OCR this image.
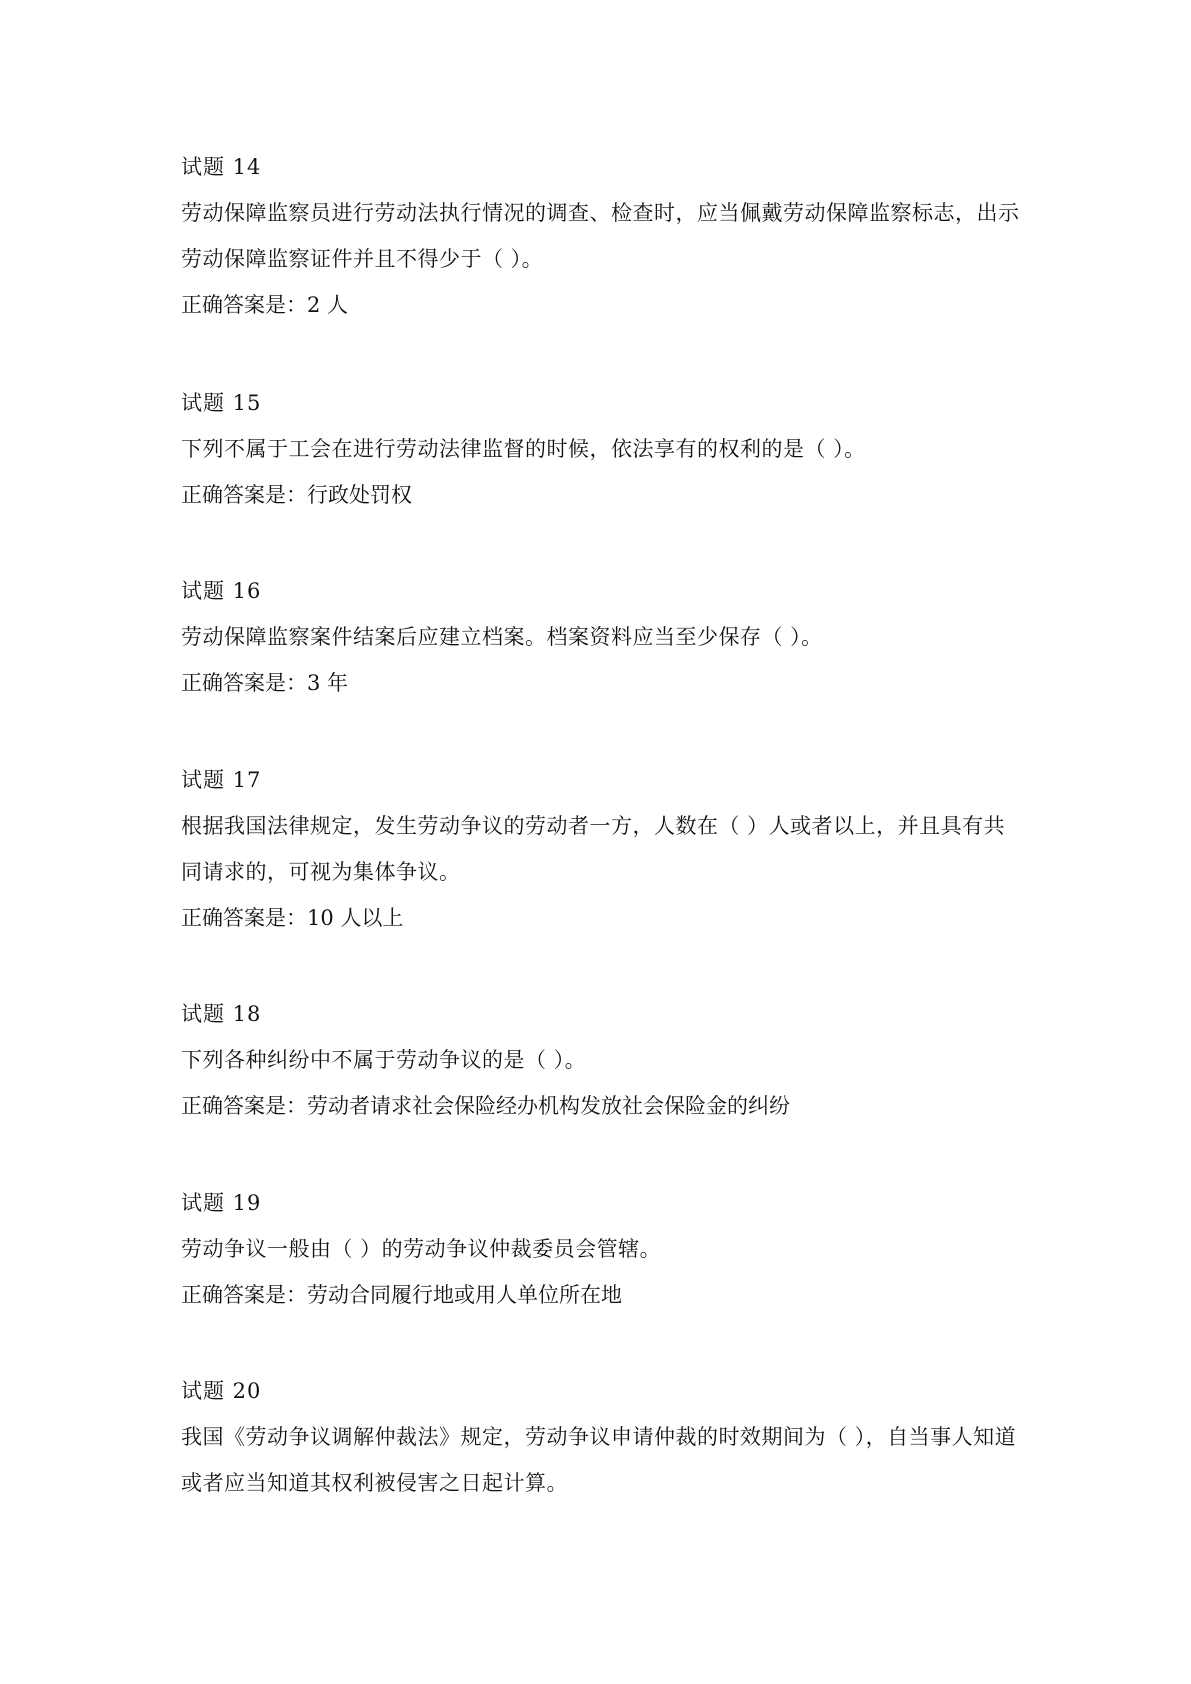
试题 14

劳动保障监察员进行劳动法执行情况的调查、检查时，应当佩戴劳动保障监察标志，出示劳动保障监察证件并且不得少于（ ）。

正确答案是：2 人

试题 15

下列不属于工会在进行劳动法律监督的时候，依法享有的权利的是（ ）。

正确答案是：行政处罚权

试题 16

劳动保障监察案件结案后应建立档案。档案资料应当至少保存（ ）。

正确答案是：3 年

试题 17

根据我国法律规定，发生劳动争议的劳动者一方，人数在（ ）人或者以上，并且具有共同请求的，可视为集体争议。

正确答案是：10 人以上

试题 18

下列各种纠纷中不属于劳动争议的是（ ）。

正确答案是：劳动者请求社会保险经办机构发放社会保险金的纠纷

试题 19

劳动争议一般由（ ）的劳动争议仲裁委员会管辖。

正确答案是：劳动合同履行地或用人单位所在地

试题 20

我国《劳动争议调解仲裁法》规定，劳动争议申请仲裁的时效期间为（ ），自当事人知道或者应当知道其权利被侵害之日起计算。
